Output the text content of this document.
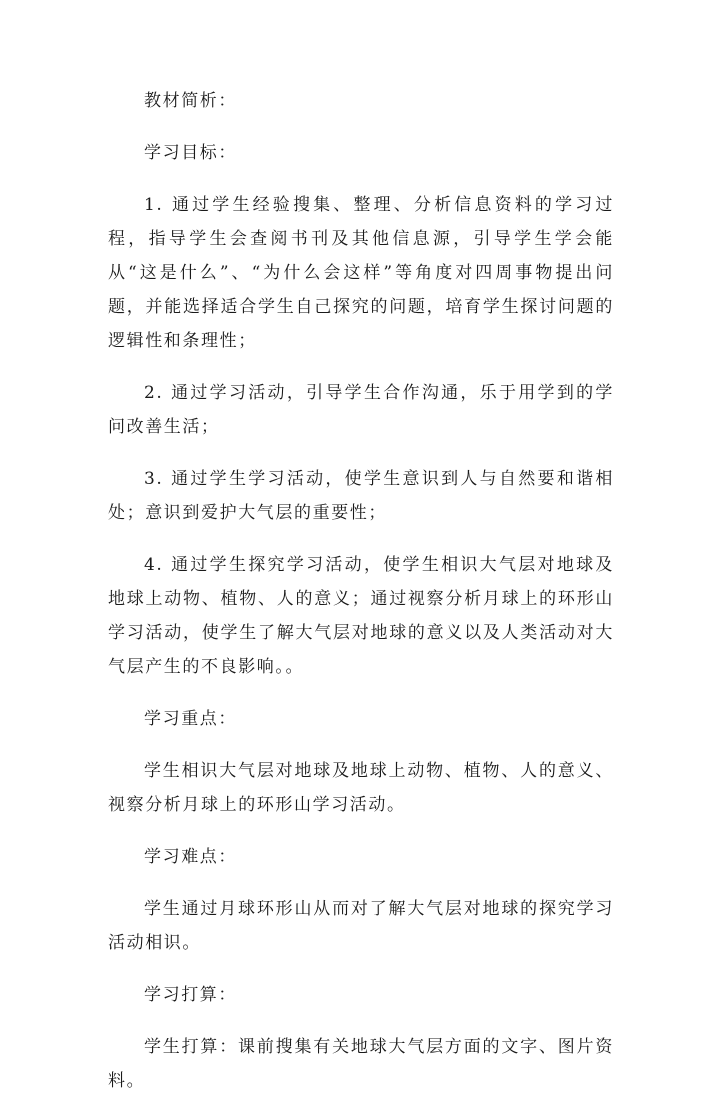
教材简析：

学习目标：

1. 通过学生经验搜集、整理、分析信息资料的学习过程，指导学生会查阅书刊及其他信息源，引导学生学会能从“这是什么”、“为什么会这样”等角度对四周事物提出问题，并能选择适合学生自己探究的问题，培育学生探讨问题的逻辑性和条理性；

2. 通过学习活动，引导学生合作沟通，乐于用学到的学问改善生活；

3. 通过学生学习活动，使学生意识到人与自然要和谐相处；意识到爱护大气层的重要性；

4. 通过学生探究学习活动，使学生相识大气层对地球及地球上动物、植物、人的意义；通过视察分析月球上的环形山学习活动，使学生了解大气层对地球的意义以及人类活动对大气层产生的不良影响。。

学习重点：

学生相识大气层对地球及地球上动物、植物、人的意义、视察分析月球上的环形山学习活动。

学习难点：

学生通过月球环形山从而对了解大气层对地球的探究学习活动相识。

学习打算：

学生打算：课前搜集有关地球大气层方面的文字、图片资料。
